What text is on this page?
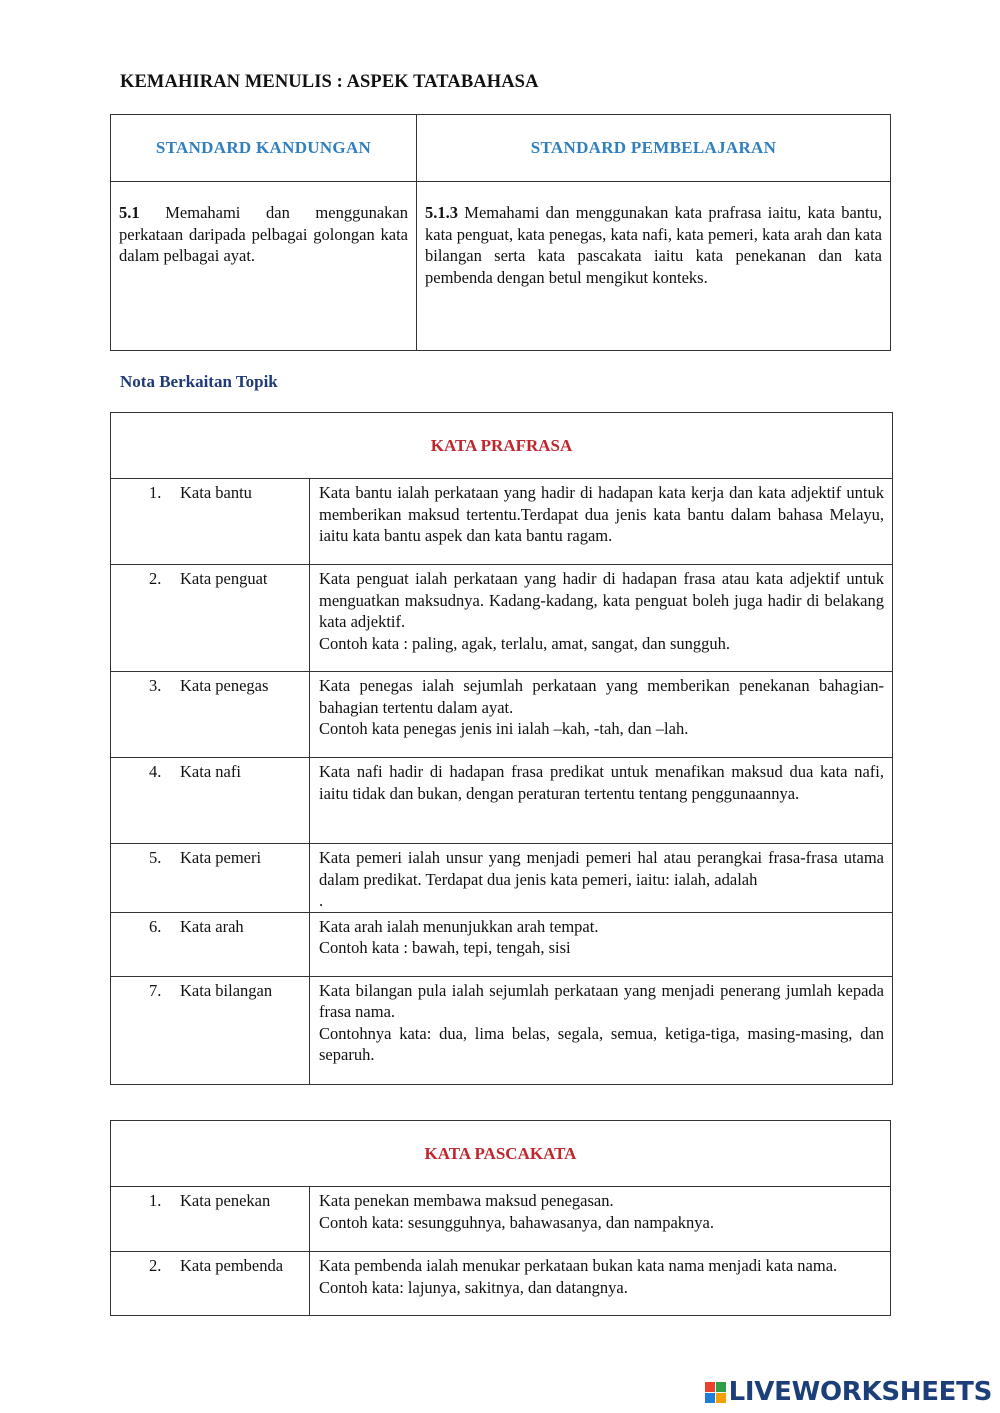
KEMAHIRAN MENULIS : ASPEK TATABAHASA
STANDARD KANDUNGAN	STANDARD PEMBELAJARAN
5.1 Memahami dan menggunakan perkataan daripada pelbagai golongan kata dalam pelbagai ayat.	5.1.3 Memahami dan menggunakan kata prafrasa iaitu, kata bantu, kata penguat, kata penegas, kata nafi, kata pemeri, kata arah dan kata bilangan serta kata pascakata iaitu kata penekanan dan kata pembenda dengan betul mengikut konteks.
Nota Berkaitan Topik
KATA PRAFRASA	
1. Kata bantu	Kata bantu ialah perkataan yang hadir di hadapan kata kerja dan kata adjektif untuk memberikan maksud tertentu.Terdapat dua jenis kata bantu dalam bahasa Melayu, iaitu kata bantu aspek dan kata bantu ragam.

2. Kata penguat	Kata penguat ialah perkataan yang hadir di hadapan frasa atau kata adjektif untuk menguatkan maksudnya. Kadang-kadang, kata penguat boleh juga hadir di belakang kata adjektif.
Contoh kata : paling, agak, terlalu, amat, sangat, dan sungguh.

3. Kata penegas	Kata penegas ialah sejumlah perkataan yang memberikan penekanan bahagian-bahagian tertentu dalam ayat.
Contoh kata penegas jenis ini ialah –kah, -tah, dan –lah.

4. Kata nafi	Kata nafi hadir di hadapan frasa predikat untuk menafikan maksud dua kata nafi, iaitu tidak dan bukan, dengan peraturan tertentu tentang penggunaannya.

5. Kata pemeri	Kata pemeri ialah unsur yang menjadi pemeri hal atau perangkai frasa-frasa utama dalam predikat. Terdapat dua jenis kata pemeri, iaitu: ialah, adalah
.

6. Kata arah	Kata arah ialah menunjukkan arah tempat.
Contoh kata : bawah, tepi, tengah, sisi

7. Kata bilangan	Kata bilangan pula ialah sejumlah perkataan yang menjadi penerang jumlah kepada frasa nama.
Contohnya kata: dua, lima belas, segala, semua, ketiga-tiga, masing-masing, dan separuh.
KATA PASCAKATA	
1. Kata penekan	Kata penekan membawa maksud penegasan.
Contoh kata: sesungguhnya, bahawasanya, dan nampaknya.

2. Kata pembenda	Kata pembenda ialah menukar perkataan bukan kata nama menjadi kata nama.
Contoh kata: lajunya, sakitnya, dan datangnya.
LIVEWORKSHEETS
